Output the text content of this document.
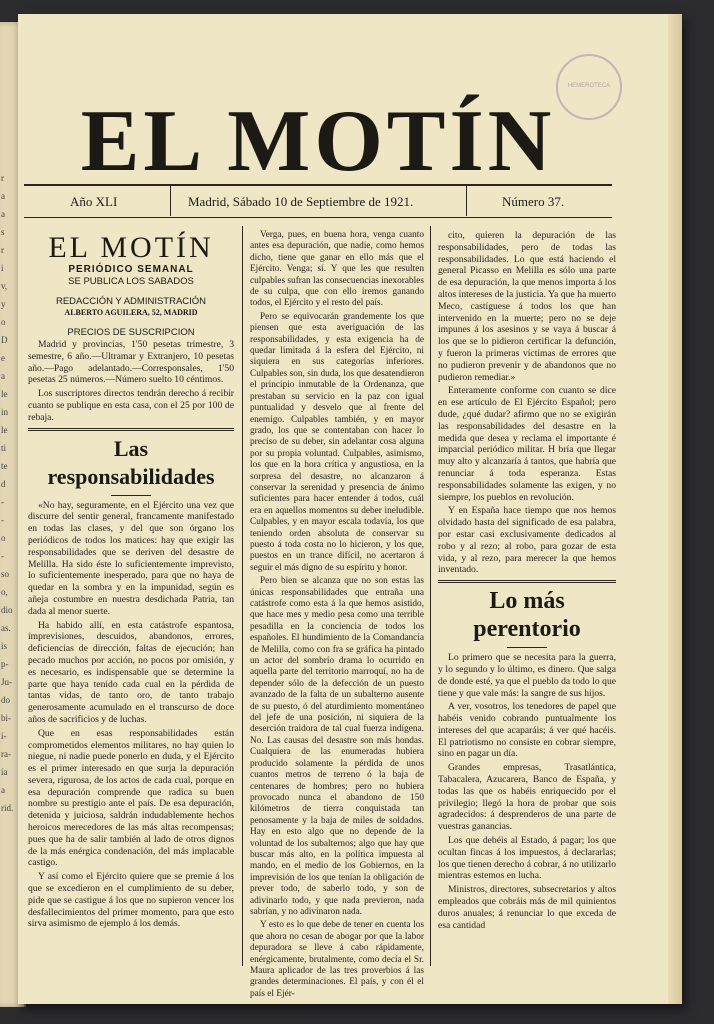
r
a
a
s
r
i
v,
y
o
D
e
a
le
in
le
ti
te
d
-
-
o
-
so
o,
dio
as.
is
p-
Ju-
do
bi-
í-
ra-
ía
a
rid.
HEMEROTECA
EL MOTÍN
Año XLI	Madrid, Sábado 10 de Septiembre de 1921.	Número 37.
EL MOTÍN
PERIÓDICO SEMANAL
SE PUBLICA LOS SABADOS
REDACCIÓN Y ADMINISTRACIÓN
ALBERTO AGUILERA, 52, MADRID
PRECIOS DE SUSCRIPCION

Madrid y provincias, 1'50 pesetas trimestre, 3 semestre, 6 año.—Ultramar y Extranjero, 10 pesetas año.—Pago adelantado.—Corresponsales, 1'50 pesetas 25 números.—Número suelto 10 céntimos.

Los suscriptores directos tendrán derecho á recibir cuanto se publique en esta casa, con el 25 por 100 de rebaja.

Las responsabilidades

«No hay, seguramente, en el Ejército una vez que discurre del sentir general, francamente manifestado en todas las clases, y del que son órgano los periódicos de todos los matices: hay que exigir las responsabilidades que se deriven del desastre de Melilla. Ha sido éste lo suficientemente imprevisto, lo suficientemente inesperado, para que no haya de quedar en la sombra y en la impunidad, según es añeja costumbre en nuestra desdichada Patria, tan dada al menor suerte.

Ha habido allí, en esta catástrofe espantosa, imprevisiones, descuidos, abandonos, errores, deficiencias de dirección, faltas de ejecución; han pecado muchos por acción, no pocos por omisión, y es necesario, es indispensable que se determine la parte que haya tenido cada cual en la pérdida de tantas vidas, de tanto oro, de tanto trabajo generosamente acumulado en el transcurso de doce años de sacrificios y de luchas.

Que en esas responsabilidades están comprometidos elementos militares, no hay quien lo niegue, ni nadie puede ponerlo en duda, y el Ejército es el primer interesado en que surja la depuración severa, rigurosa, de los actos de cada cual, porque en esa depuración comprende que radica su buen nombre su prestigio ante el país. De esa depuración, detenida y juiciosa, saldrán indudablemente hechos heroicos merecedores de las más altas recompensas; pues que ha de salir también al lado de otros dignos de la más enérgica condenación, del más implacable castigo.

Y así como el Ejército quiere que se premie á los que se excedieron en el cumplimiento de su deber, pide que se castigue á los que no supieron vencer los desfallecimientos del primer momento, para que esto sirva asimismo de ejemplo á los demás.

Verga, pues, en buena hora, venga cuanto antes esa depuración, que nadie, como hemos dicho, tiene que ganar en ello más que el Ejército. Venga; sí. Y que les que resulten culpables sufran las consecuencias inexorables de su culpa, que con ello iremos ganando todos, el Ejército y el resto del país.

Pero se equivocarán grandemente los que piensen que esta averiguación de las responsabilidades, y esta exigencia ha de quedar limitada á la esfera del Ejército, ni siquiera en sus categorías inferiores. Culpables son, sin duda, los que desatendieron el principio inmutable de la Ordenanza, que prestaban su servicio en la paz con igual puntualidad y desvelo que al frente del enemigo. Culpables también, y en mayor grado, los que se contentaban con hacer lo preciso de su deber, sin adelantar cosa alguna por su propia voluntad. Culpables, asimismo, los que en la hora crítica y angustiosa, en la sorpresa del desastre, no alcanzaron á conservar la serenidad y presencia de ánimo suficientes para hacer entender á todos, cuál era en aquellos momentos su deber ineludible. Culpables, y en mayor escala todavía, los que teniendo orden absoluta de conservar su puesto á toda costa no lo hicieron, y los que, puestos en un trance difícil, no acertaron á seguir el más digno de su espíritu y honor.

Pero bien se alcanza que no son estas las únicas responsabilidades que entraña una catástrofe como esta á la que hemos asistido, que hace mes y medio pesa como una terrible pesadilla en la conciencia de todos los españoles. El hundimiento de la Comandancia de Melilla, como con fra se gráfica ha pintado un actor del sombrío drama lo ocurrido en aquella parte del territorio marroquí, no ha de depender sólo de la defección de un puesto avanzado de la falta de un subalterno ausente de su puesto, ó del aturdimiento momentáneo del jefe de una posición, ni siquiera de la deserción traidora de tal cual fuerza indígena. No. Las causas del desastre son más hondas. Cualquiera de las enumeradas hubiera producido solamente la pérdida de unos cuantos metros de terreno ó la baja de centenares de hombres; pero no hubiera provocado nunca el abandono de 150 kilómetros de tierra conquistada tan penosamente y la baja de miles de soldados. Hay en esto algo que no depende de la voluntad de los subalternos; algo que hay que buscar más alto, en la política impuesta al mando, en el medio de los Gobiernos, en la imprevisión de los que tenían la obligación de prever todo, de saberlo todo, y son de adivinarlo todo, y que nada previeron, nada sabrían, y no adivinaron nada.

Y esto es lo que debe de tener en cuenta los que ahora no cesan de abogar por que la labor depuradora se lleve á cabo rápidamente, enérgicamente, brutalmente, como decía el Sr. Maura aplicador de las tres proverbios á las grandes determinaciones. El país, y con él el país el Ejér-

cito, quieren la depuración de las responsabilidades, pero de todas las responsabilidades. Lo que está haciendo el general Picasso en Melilla es sólo una parte de esa depuración, la que menos importa á los altos intereses de la justicia. Ya que ha muerto Meco, castíguese á todos los que han intervenido en la muerte; pero no se deje impunes á los asesinos y se vaya á buscar á los que se lo pidieron certificar la defunción, y fueron la primeras víctimas de errores que no pudieron prevenir y de abandonos que no pudieron remediar.»

Enteramente conforme con cuanto se dice en ese artículo de El Ejército Español; pero dude, ¿qué dudar? afirmo que no se exigirán las responsabilidades del desastre en la medida que desea y reclama el importante é imparcial periódico militar. H bría que llegar muy alto y alcanzaría á tantos, que habría que renunciar á toda esperanza. Estas responsabilidades solamente las exigen, y no siempre, los pueblos en revolución.

Y en España hace tiempo que nos hemos olvidado hasta del significado de esa palabra, por estar casi exclusivamente dedicados al robo y al rezo; al robo, para gozar de esta vida, y al rezo, para merecer la que hemos inventado.

Lo más perentorio

Lo primero que se necesita para la guerra, y lo segundo y lo último, es dinero. Que salga de donde esté, ya que el pueblo da todo lo que tiene y que vale más: la sangre de sus hijos.

A ver, vosotros, los tenedores de papel que habéis venido cobrando puntualmente los intereses del que acaparáis; á ver qué hacéis. El patriotismo no consiste en cobrar siempre, sino en pagar un día.

Grandes empresas, Trasatlántica, Tabacalera, Azucarera, Banco de España, y todas las que os habéis enriquecido por el privilegio; llegó la hora de probar que sois agradecidos: á desprenderos de una parte de vuestras ganancias.

Los que debéis al Estado, á pagar; los que ocultan fincas á los impuestos, á declararlas; los que tienen derecho á cobrar, á no utilizarlo mientras estemos en lucha.

Ministros, directores, subsecretarios y altos empleados que cobráis más de mil quinientos duros anuales; á renunciar lo que exceda de esa cantidad
